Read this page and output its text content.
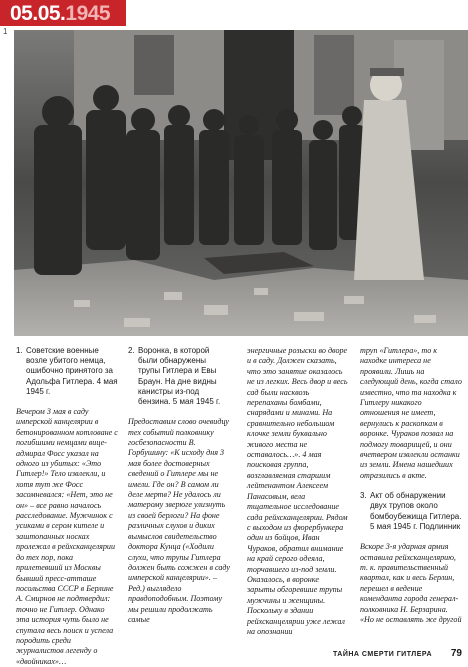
05.05.1945
1
1. Советские военные возле убитого немца, ошибочно принятого за Адольфа Гитлера. 4 мая 1945 г.

Вечером 3 мая в саду имперской канцелярии в бетонированном котловане с погибшими немцами вице-адмирал Фосс указал на одного из убитых: «Это Гитлер!» Тело извлекли, и хотя тут же Фосс засомневался: «Нет, это не он» – все равно началось расследование. Мужчинок с усиками в сером кителе и заштопанных носках пролежал в рейхсканцелярии до тех пор, пока прилетевший из Москвы бывший пресс-атташе посольства СССР в Берлине А. Смирнов не подтвердил: точно не Гитлер. Однако эта история чуть было не спутала весь поиск и успела породить среди журналистов легенду о «двойниках»…

2. Воронка, в которой были обнаружены трупы Гитлера и Евы Браун. На дне видны канистры из-под бензина. 5 мая 1945 г.

Предоставим слово очевидцу тех событий полковнику госбезопасности В. Горбушину: «К исходу дня 3 мая более достоверных сведений о Гитлере мы не имели. Где он? В самом ли деле мертв? Не удалось ли матерому зверюге улизнуть из своей берлоги? На фоне различных слухов и диких вымыслов свидетельство доктора Кунца («Ходили слухи, что трупы Гитлера должен быть сожжен в саду имперской канцелярии». – Ред.) выглядело правдоподобным. Поэтому мы решили продолжать самые

энергичные розыски во дворе и в саду. Должен сказать, что это занятие оказалось не из легких. Весь двор и весь сад были насквозь перепаханы бомбами, снарядами и минами. На сравнительно небольшом клочке земли буквально живого места не оставалось…». 4 мая поисковая группа, возглавляемая старшим лейтенантом Алексеем Панасовым, вела тщательное исследование сада рейхсканцелярии. Рядом с выходом из фюрербункера один из бойцов, Иван Чураков, обратил внимание на край серого одеяла, торчавшего из-под земли. Оказалось, в воронке зарыты обгоревшие трупы мужчины и женщины. Поскольку в здании рейхсканцелярии уже лежал на опознании

труп «Гитлера», то к находке интереса не проявили. Лишь на следующий день, когда стало известно, что та находка к Гитлеру никакого отношения не имеет, вернулись к раскопкам в воронке. Чураков позвал на подмогу товарищей, и они вчетвером извлекли останки из земли. Имена нашедших отразились в акте.

3. Акт об обнаружении двух трупов около бомбоубежища Гитлера. 5 мая 1945 г. Подлинник

Вскоре 3-я ударная армия оставила рейхсканцелярию, т. к. правительственный квартал, как и весь Берлин, перешел в ведение коменданта города генерал-полковника Н. Берзарина. «Но не оставлять же другой

ТАЙНА СМЕРТИ ГИТЛЕРА 79
